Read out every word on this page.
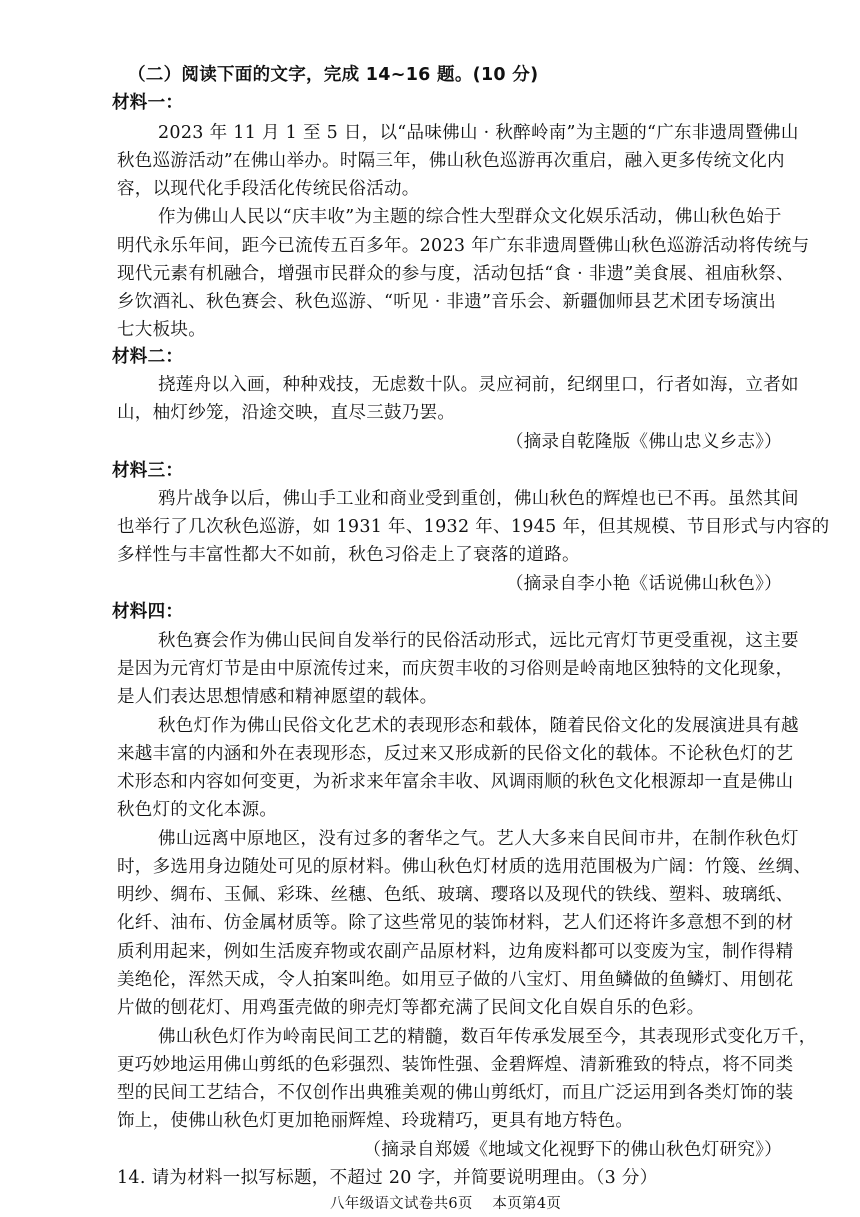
（二）阅读下面的文字，完成 14~16 题。(10 分)
材料一：
2023 年 11 月 1 至 5 日，以“品味佛山 · 秋醉岭南”为主题的“广东非遗周暨佛山
秋色巡游活动”在佛山举办。时隔三年，佛山秋色巡游再次重启，融入更多传统文化内
容，以现代化手段活化传统民俗活动。
作为佛山人民以“庆丰收”为主题的综合性大型群众文化娱乐活动，佛山秋色始于
明代永乐年间，距今已流传五百多年。2023 年广东非遗周暨佛山秋色巡游活动将传统与
现代元素有机融合，增强市民群众的参与度，活动包括“食 · 非遗”美食展、祖庙秋祭、
乡饮酒礼、秋色赛会、秋色巡游、“听见 · 非遗”音乐会、新疆伽师县艺术团专场演出
七大板块。
材料二：
挠莲舟以入画，种种戏技，无虑数十队。灵应祠前，纪纲里口，行者如海，立者如
山，柚灯纱笼，沿途交映，直尽三鼓乃罢。
（摘录自乾隆版《佛山忠义乡志》）
材料三：
鸦片战争以后，佛山手工业和商业受到重创，佛山秋色的辉煌也已不再。虽然其间
也举行了几次秋色巡游，如 1931 年、1932 年、1945 年，但其规模、节目形式与内容的
多样性与丰富性都大不如前，秋色习俗走上了衰落的道路。
（摘录自李小艳《话说佛山秋色》）
材料四：
秋色赛会作为佛山民间自发举行的民俗活动形式，远比元宵灯节更受重视，这主要
是因为元宵灯节是由中原流传过来，而庆贺丰收的习俗则是岭南地区独特的文化现象，
是人们表达思想情感和精神愿望的载体。
秋色灯作为佛山民俗文化艺术的表现形态和载体，随着民俗文化的发展演进具有越
来越丰富的内涵和外在表现形态，反过来又形成新的民俗文化的载体。不论秋色灯的艺
术形态和内容如何变更，为祈求来年富余丰收、风调雨顺的秋色文化根源却一直是佛山
秋色灯的文化本源。
佛山远离中原地区，没有过多的奢华之气。艺人大多来自民间市井，在制作秋色灯
时，多选用身边随处可见的原材料。佛山秋色灯材质的选用范围极为广阔：竹篾、丝绸、
明纱、绸布、玉佩、彩珠、丝穗、色纸、玻璃、璎珞以及现代的铁线、塑料、玻璃纸、
化纤、油布、仿金属材质等。除了这些常见的装饰材料，艺人们还将许多意想不到的材
质利用起来，例如生活废弃物或农副产品原材料，边角废料都可以变废为宝，制作得精
美绝伦，浑然天成，令人拍案叫绝。如用豆子做的八宝灯、用鱼鳞做的鱼鳞灯、用刨花
片做的刨花灯、用鸡蛋壳做的卵壳灯等都充满了民间文化自娱自乐的色彩。
佛山秋色灯作为岭南民间工艺的精髓，数百年传承发展至今，其表现形式变化万千，
更巧妙地运用佛山剪纸的色彩强烈、装饰性强、金碧辉煌、清新雅致的特点，将不同类
型的民间工艺结合，不仅创作出典雅美观的佛山剪纸灯，而且广泛运用到各类灯饰的装
饰上，使佛山秋色灯更加艳丽辉煌、玲珑精巧，更具有地方特色。
（摘录自郑媛《地域文化视野下的佛山秋色灯研究》）
14. 请为材料一拟写标题，不超过 20 字，并简要说明理由。（3 分）
八年级语文试卷共6页　 本页第4页
